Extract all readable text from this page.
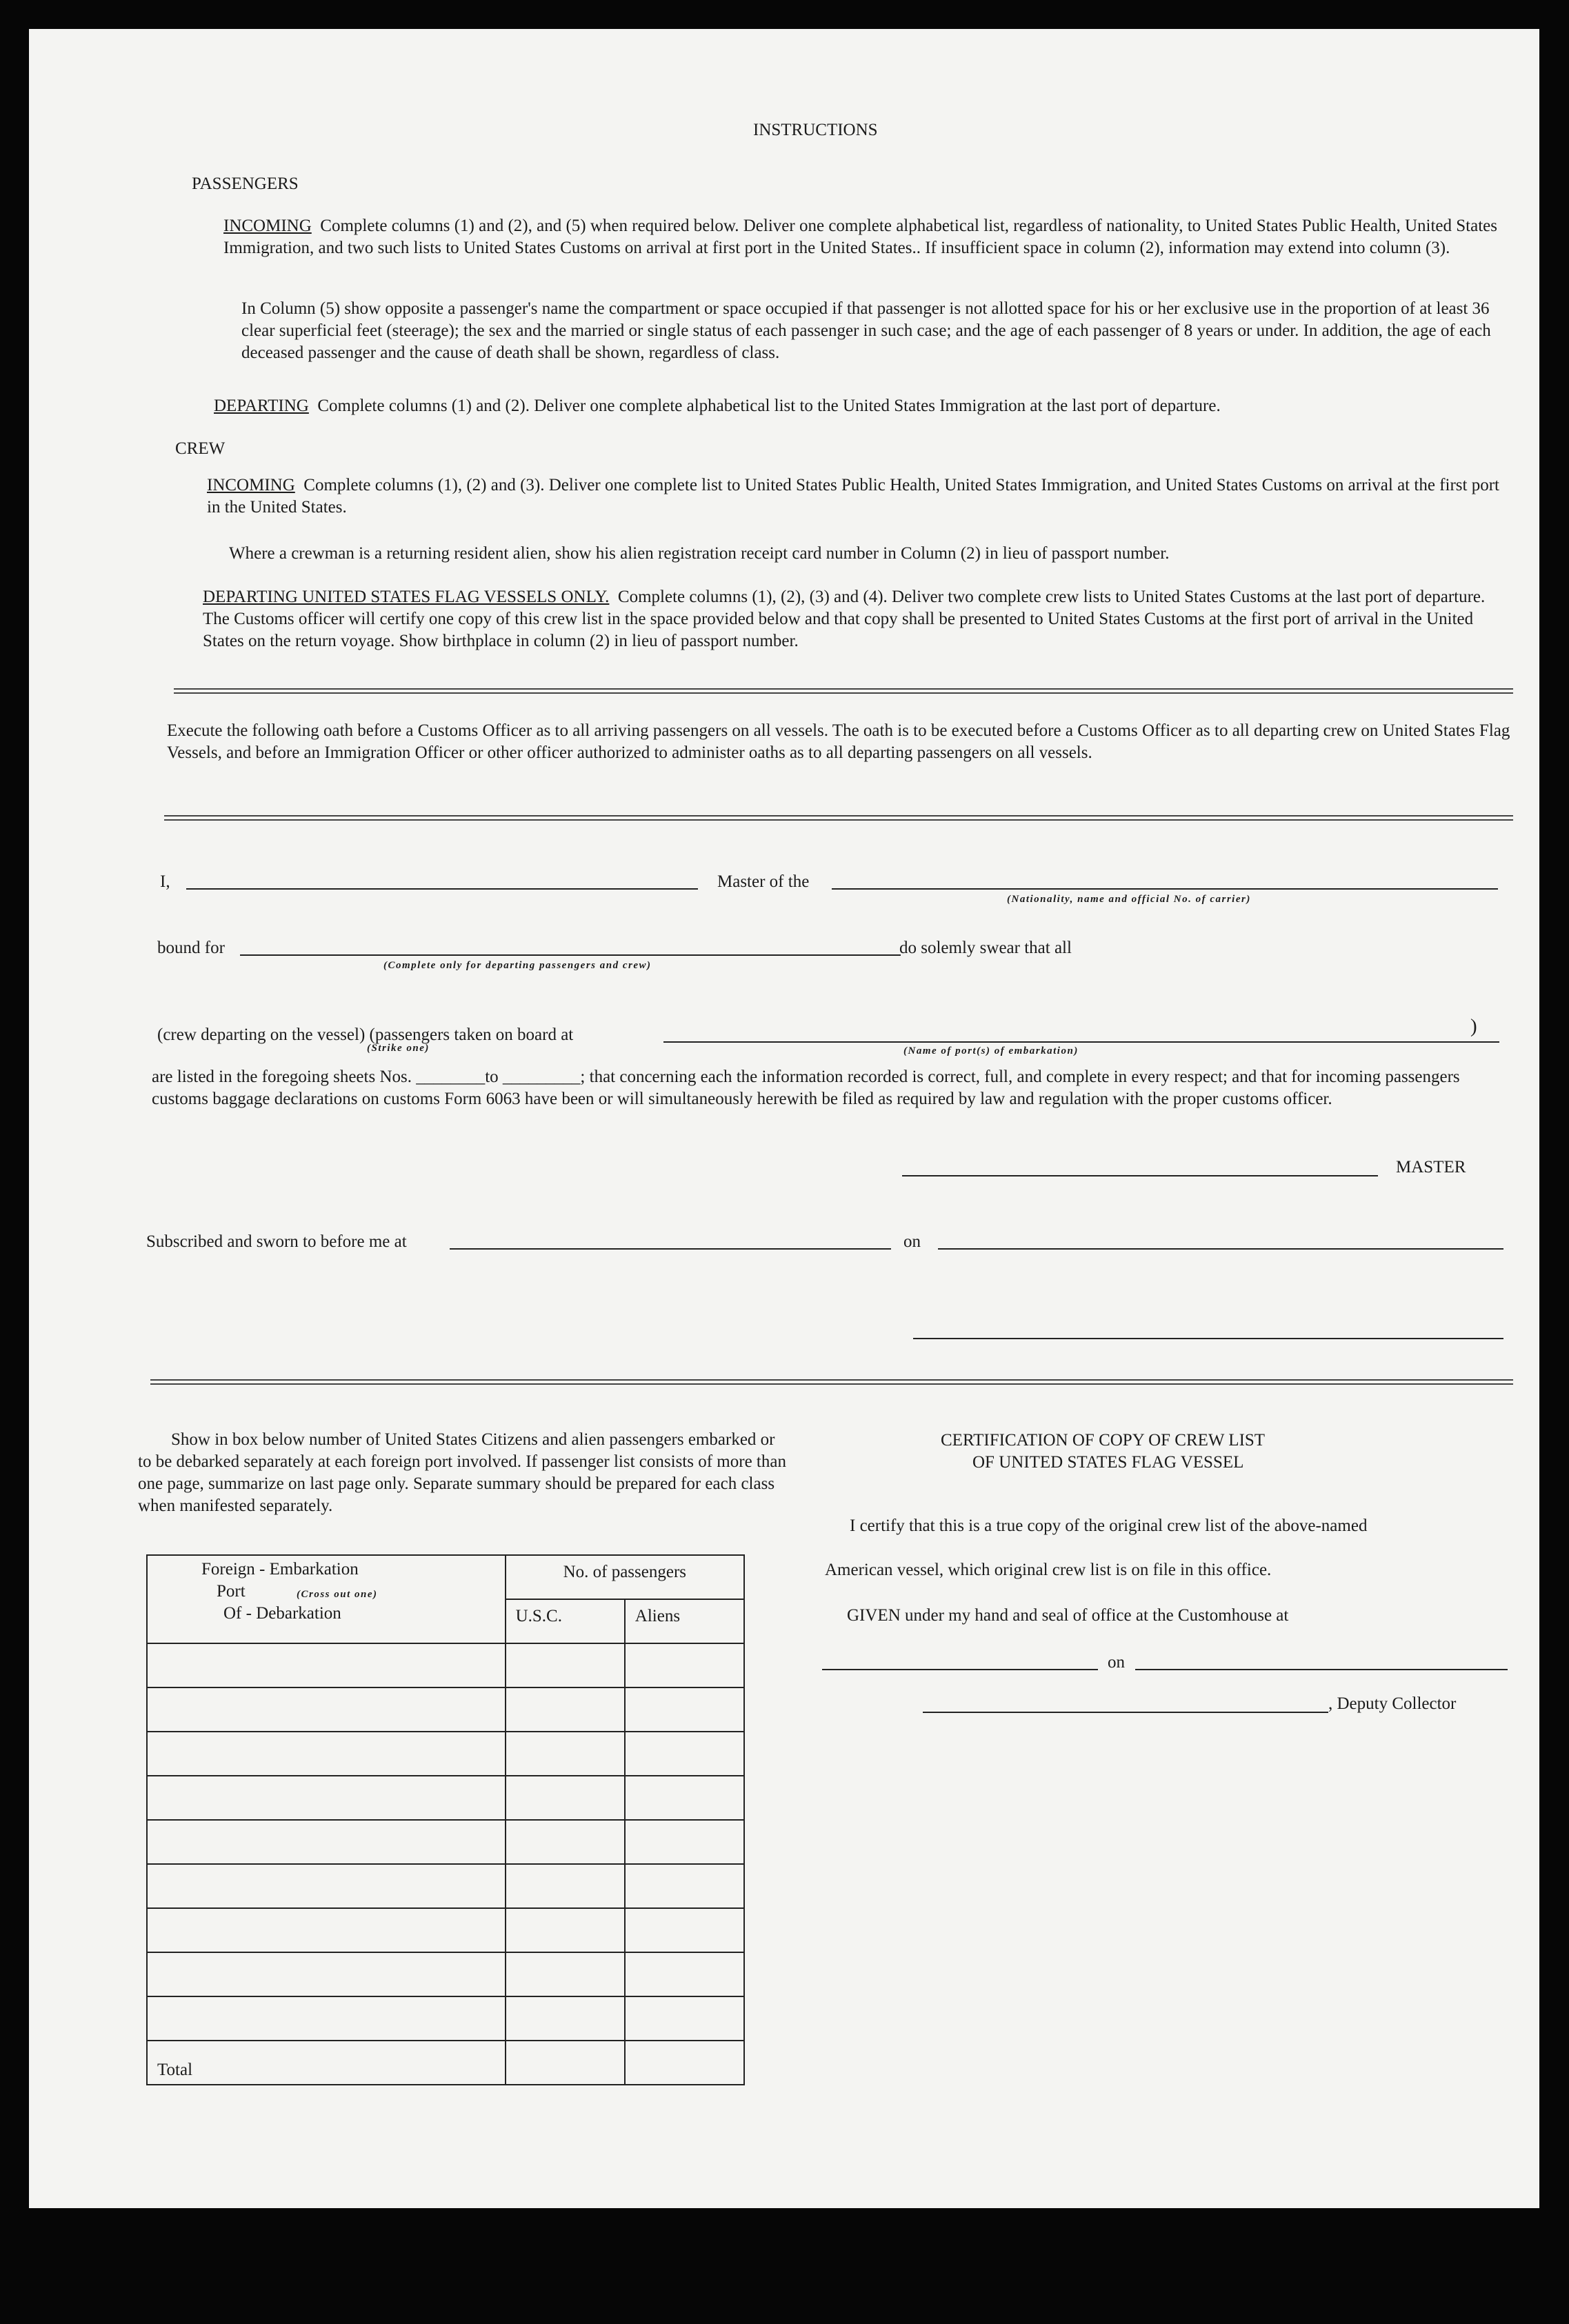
INSTRUCTIONS
PASSENGERS
INCOMING Complete columns (1) and (2), and (5) when required below. Deliver one complete alphabetical list, regardless of nationality, to United States Public Health, United States Immigration, and two such lists to United States Customs on arrival at first port in the United States.. If insufficient space in column (2), information may extend into column (3).
In Column (5) show opposite a passenger's name the compartment or space occupied if that passenger is not allotted space for his or her exclusive use in the proportion of at least 36 clear superficial feet (steerage); the sex and the married or single status of each passenger in such case; and the age of each passenger of 8 years or under. In addition, the age of each deceased passenger and the cause of death shall be shown, regardless of class.
DEPARTING Complete columns (1) and (2). Deliver one complete alphabetical list to the United States Immigration at the last port of departure.
CREW
INCOMING Complete columns (1), (2) and (3). Deliver one complete list to United States Public Health, United States Immigration, and United States Customs on arrival at the first port in the United States.
Where a crewman is a returning resident alien, show his alien registration receipt card number in Column (2) in lieu of passport number.
DEPARTING UNITED STATES FLAG VESSELS ONLY. Complete columns (1), (2), (3) and (4). Deliver two complete crew lists to United States Customs at the last port of departure. The Customs officer will certify one copy of this crew list in the space provided below and that copy shall be presented to United States Customs at the first port of arrival in the United States on the return voyage. Show birthplace in column (2) in lieu of passport number.
Execute the following oath before a Customs Officer as to all arriving passengers on all vessels. The oath is to be executed before a Customs Officer as to all departing crew on United States Flag Vessels, and before an Immigration Officer or other officer authorized to administer oaths as to all departing passengers on all vessels.
I,	Master of the
(Nationality, name and official No. of carrier)
bound for	do solemly swear that all
(Complete only for departing passengers and crew)
(crew departing on the vessel) (passengers taken on board at	)
(Strike one)	(Name of port(s) of embarkation)
are listed in the foregoing sheets Nos. ________to _________; that concerning each the information recorded is correct, full, and complete in every respect; and that for incoming passengers customs baggage declarations on customs Form 6063 have been or will simultaneously herewith be filed as required by law and regulation with the proper customs officer.
MASTER
Subscribed and sworn to before me at	on
Show in box below number of United States Citizens and alien passengers embarked or to be debarked separately at each foreign port involved. If passenger list consists of more than one page, summarize on last page only. Separate summary should be prepared for each class when manifested separately.
Foreign - Embarkation
Port (Cross out one)
Of - Debarkation	No. of passengers	
	U.S.C.	Aliens

Total		
CERTIFICATION OF COPY OF CREW LIST
OF UNITED STATES FLAG VESSEL
I certify that this is a true copy of the original crew list of the above-named
American vessel, which original crew list is on file in this office.
GIVEN under my hand and seal of office at the Customhouse at
on
, Deputy Collector
